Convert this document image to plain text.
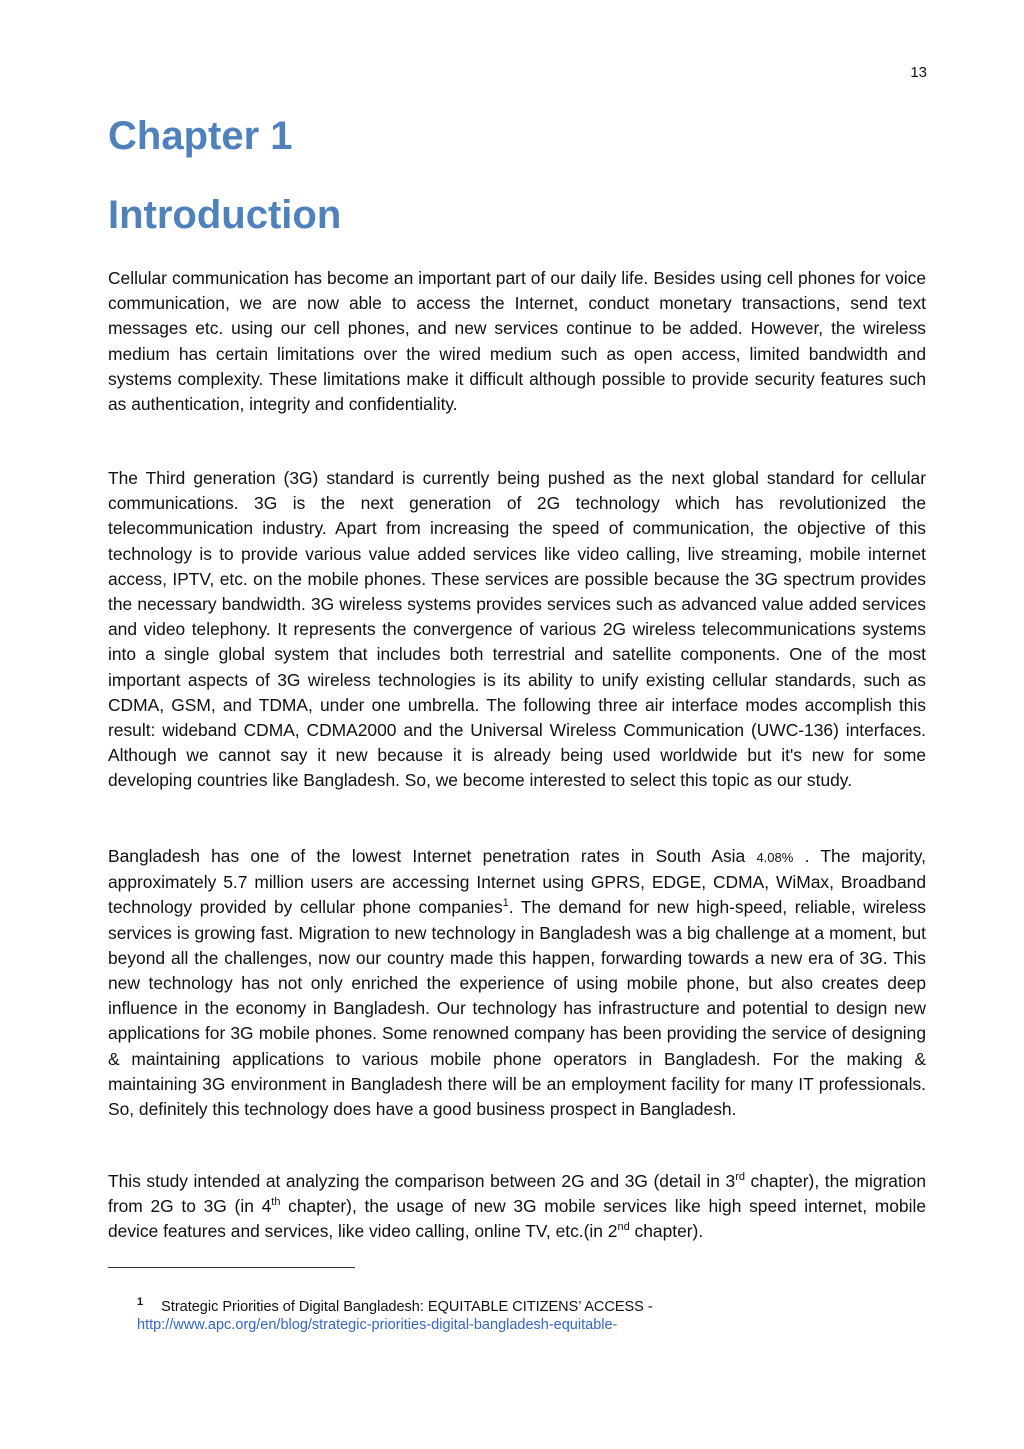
13
Chapter 1
Introduction

Cellular communication has become an important part of our daily life. Besides using cell phones for voice communication, we are now able to access the Internet, conduct monetary transactions, send text messages etc. using our cell phones, and new services continue to be added. However, the wireless medium has certain limitations over the wired medium such as open access, limited bandwidth and systems complexity. These limitations make it difficult although possible to provide security features such as authentication, integrity and confidentiality.

The Third generation (3G) standard is currently being pushed as the next global standard for cellular communications. 3G is the next generation of 2G technology which has revolutionized the telecommunication industry. Apart from increasing the speed of communication, the objective of this technology is to provide various value added services like video calling, live streaming, mobile internet access, IPTV, etc. on the mobile phones. These services are possible because the 3G spectrum provides the necessary bandwidth. 3G wireless systems provides services such as advanced value added services and video telephony. It represents the convergence of various 2G wireless telecommunications systems into a single global system that includes both terrestrial and satellite components. One of the most important aspects of 3G wireless technologies is its ability to unify existing cellular standards, such as CDMA, GSM, and TDMA, under one umbrella. The following three air interface modes accomplish this result: wideband CDMA, CDMA2000 and the Universal Wireless Communication (UWC-136) interfaces. Although we cannot say it new because it is already being used worldwide but it's new for some developing countries like Bangladesh. So, we become interested to select this topic as our study.

Bangladesh has one of the lowest Internet penetration rates in South Asia 4.08% . The majority, approximately 5.7 million users are accessing Internet using GPRS, EDGE, CDMA, WiMax, Broadband technology provided by cellular phone companies$^1$. The demand for new high-speed, reliable, wireless services is growing fast. Migration to new technology in Bangladesh was a big challenge at a moment, but beyond all the challenges, now our country made this happen, forwarding towards a new era of 3G. This new technology has not only enriched the experience of using mobile phone, but also creates deep influence in the economy in Bangladesh. Our technology has infrastructure and potential to design new applications for 3G mobile phones. Some renowned company has been providing the service of designing & maintaining applications to various mobile phone operators in Bangladesh. For the making & maintaining 3G environment in Bangladesh there will be an employment facility for many IT professionals. So, definitely this technology does have a good business prospect in Bangladesh.

This study intended at analyzing the comparison between 2G and 3G (detail in 3rd chapter), the migration from 2G to 3G (in 4th chapter), the usage of new 3G mobile services like high speed internet, mobile device features and services, like video calling, online TV, etc.(in 2nd chapter).

$^1$ Strategic Priorities of Digital Bangladesh: EQUITABLE CITIZENS’ ACCESS -
http://www.apc.org/en/blog/strategic-priorities-digital-bangladesh-equitable-
